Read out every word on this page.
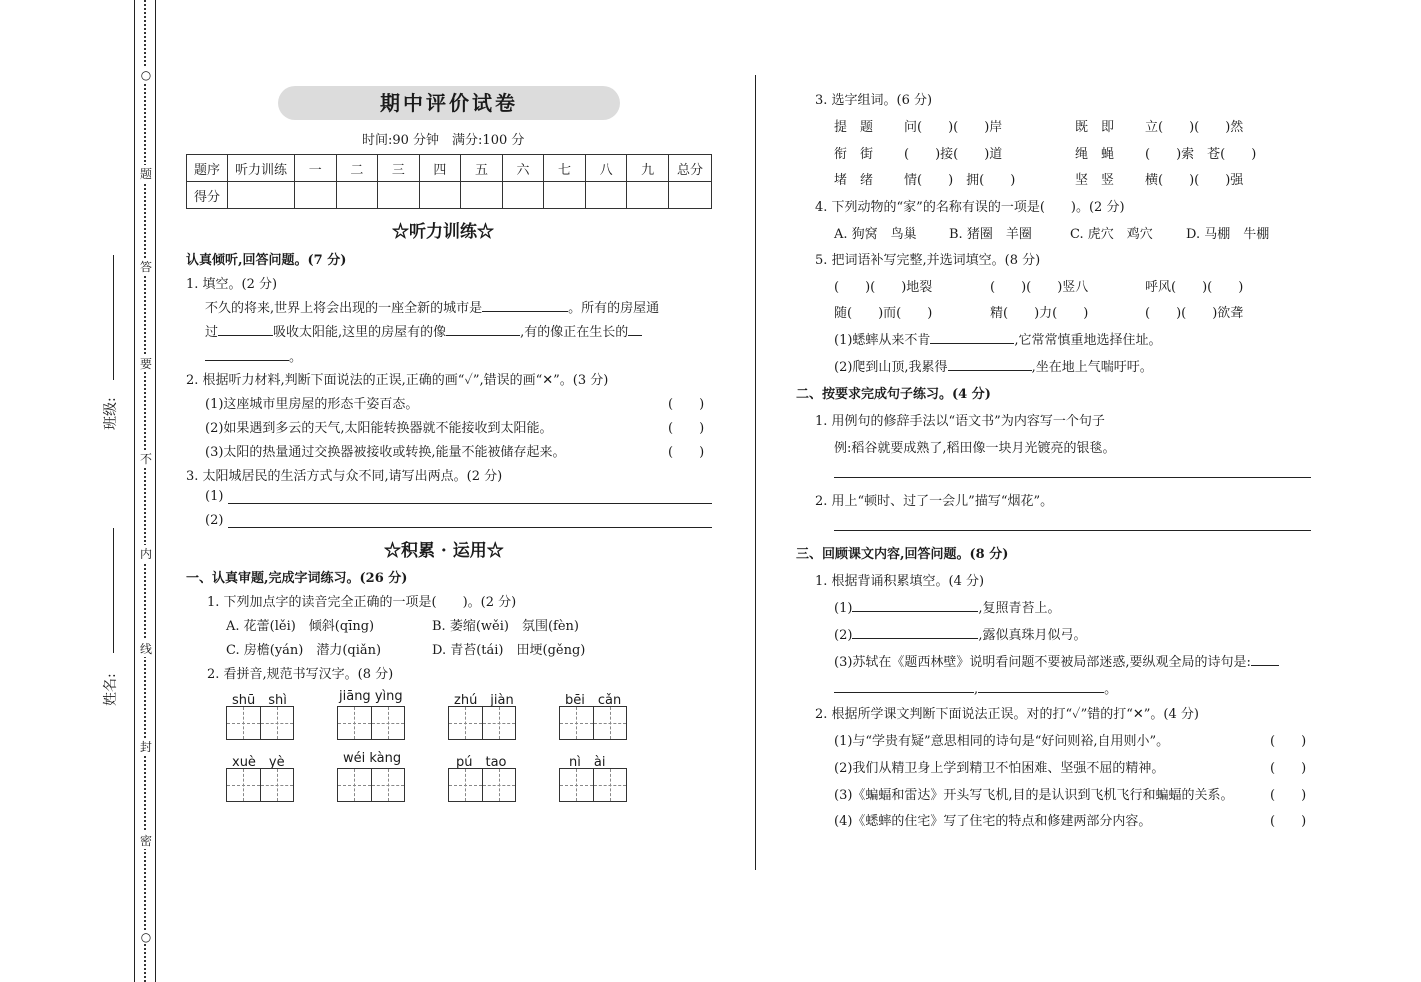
○
题
答
要
不
内
线
封
密
○
班级:
姓名:
期中评价试卷
时间:90 分钟　满分:100 分
题序	听力训练	一	二	三	四	五	六	七	八	九	总分
得分											
☆听力训练☆
认真倾听,回答问题。(7 分)
1. 填空。(2 分)
不久的将来,世界上将会出现的一座全新的城市是	。所有的房屋通
过	吸收太阳能,这里的房屋有的像	,有的像正在生长的
。
2. 根据听力材料,判断下面说法的正误,正确的画“✓”,错误的画“✕”。(3 分)
(1)这座城市里房屋的形态千姿百态。	(　　)
(2)如果遇到多云的天气,太阳能转换器就不能接收到太阳能。	(　　)
(3)太阳的热量通过交换器被接收或转换,能量不能被储存起来。	(　　)
3. 太阳城居民的生活方式与众不同,请写出两点。(2 分)
(1)
(2)
☆积累 · 运用☆
一、认真审题,完成字词练习。(26 分)
1. 下列加点字的读音完全正确的一项是(　　)。(2 分)
A. 花蕾(lěi)　倾斜(qīng)	B. 萎缩(wěi)　氛围(fèn)
C. 房檐(yán)　潜力(qiǎn)	D. 青苔(tái)　田埂(gěng)
2. 看拼音,规范书写汉字。(8 分)
shū　shì	jiāng yìng	zhú　jiàn	bēi　cǎn
xuè　yè	wéi kàng	pú　tao	nì　ài
3. 选字组词。(6 分)
提　题 问(　　)(　　)岸	既　即 立(　　)(　　)然
衔　街 (　　)接(　　)道	绳　蝇 (　　)索　苍(　　)
堵　绪 情(　　)　拥(　　)	坚　竖 横(　　)(　　)强
4. 下列动物的“家”的名称有误的一项是(　　)。(2 分)
A. 狗窝　鸟巢 B. 猪圈　羊圈	C. 虎穴　鸡穴	D. 马棚　牛棚
5. 把词语补写完整,并选词填空。(8 分)
(　　)(　　)地裂	(　　)(　　)竖八	呼风(　　)(　　)
随(　　)而(　　)	精(　　)力(　　)	(　　)(　　)欲聋
(1)蟋蟀从来不肯	,它常常慎重地选择住址。
(2)爬到山顶,我累得	,坐在地上气喘吁吁。
二、按要求完成句子练习。(4 分)
1. 用例句的修辞手法以“语文书”为内容写一个句子
例:稻谷就要成熟了,稻田像一块月光镀亮的银毯。
2. 用上“顿时、过了一会儿”描写“烟花”。
三、回顾课文内容,回答问题。(8 分)
1. 根据背诵积累填空。(4 分)
(1)	,复照青苔上。
(2)	,露似真珠月似弓。
(3)苏轼在《题西林壁》说明看问题不要被局部迷惑,要纵观全局的诗句是:
,	。
2. 根据所学课文判断下面说法正误。对的打“✓”错的打“✕”。(4 分)
(1)与“学贵有疑”意思相同的诗句是“好问则裕,自用则小”。	(　　)
(2)我们从精卫身上学到精卫不怕困难、坚强不屈的精神。	(　　)
(3)《蝙蝠和雷达》开头写飞机,目的是认识到飞机飞行和蝙蝠的关系。	(　　)
(4)《蟋蟀的住宅》写了住宅的特点和修建两部分内容。	(　　)
